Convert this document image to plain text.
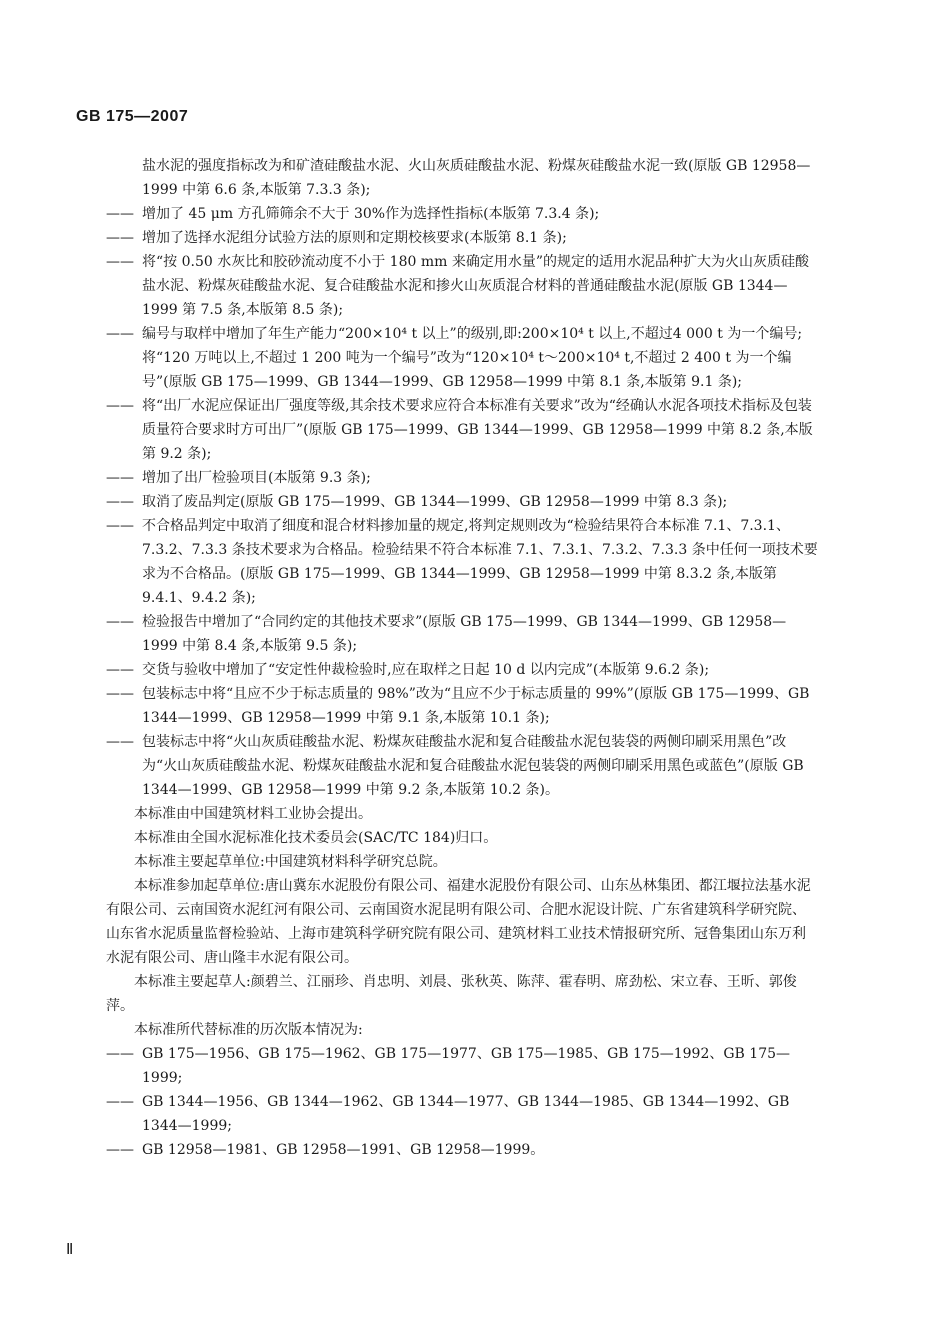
GB 175—2007

盐水泥的强度指标改为和矿渣硅酸盐水泥、火山灰质硅酸盐水泥、粉煤灰硅酸盐水泥一致(原版 GB 12958—1999 中第 6.6 条,本版第 7.3.3 条);

—— 增加了 45 μm 方孔筛筛余不大于 30%作为选择性指标(本版第 7.3.4 条);
—— 增加了选择水泥组分试验方法的原则和定期校核要求(本版第 8.1 条);
—— 将“按 0.50 水灰比和胶砂流动度不小于 180 mm 来确定用水量”的规定的适用水泥品种扩大为火山灰质硅酸盐水泥、粉煤灰硅酸盐水泥、复合硅酸盐水泥和掺火山灰质混合材料的普通硅酸盐水泥(原版 GB 1344—1999 第 7.5 条,本版第 8.5 条);
—— 编号与取样中增加了年生产能力“200×10⁴ t 以上”的级别,即:200×10⁴ t 以上,不超过4 000 t 为一个编号;将“120 万吨以上,不超过 1 200 吨为一个编号”改为“120×10⁴ t～200×10⁴ t,不超过 2 400 t 为一个编号”(原版 GB 175—1999、GB 1344—1999、GB 12958—1999 中第 8.1 条,本版第 9.1 条);
—— 将“出厂水泥应保证出厂强度等级,其余技术要求应符合本标准有关要求”改为“经确认水泥各项技术指标及包装质量符合要求时方可出厂”(原版 GB 175—1999、GB 1344—1999、GB 12958—1999 中第 8.2 条,本版第 9.2 条);
—— 增加了出厂检验项目(本版第 9.3 条);
—— 取消了废品判定(原版 GB 175—1999、GB 1344—1999、GB 12958—1999 中第 8.3 条);
—— 不合格品判定中取消了细度和混合材料掺加量的规定,将判定规则改为“检验结果符合本标准 7.1、7.3.1、7.3.2、7.3.3 条技术要求为合格品。检验结果不符合本标准 7.1、7.3.1、7.3.2、7.3.3 条中任何一项技术要求为不合格品。(原版 GB 175—1999、GB 1344—1999、GB 12958—1999 中第 8.3.2 条,本版第 9.4.1、9.4.2 条);
—— 检验报告中增加了“合同约定的其他技术要求”(原版 GB 175—1999、GB 1344—1999、GB 12958—1999 中第 8.4 条,本版第 9.5 条);
—— 交货与验收中增加了“安定性仲裁检验时,应在取样之日起 10 d 以内完成”(本版第 9.6.2 条);
—— 包装标志中将“且应不少于标志质量的 98%”改为“且应不少于标志质量的 99%”(原版 GB 175—1999、GB 1344—1999、GB 12958—1999 中第 9.1 条,本版第 10.1 条);
—— 包装标志中将“火山灰质硅酸盐水泥、粉煤灰硅酸盐水泥和复合硅酸盐水泥包装袋的两侧印刷采用黑色”改为“火山灰质硅酸盐水泥、粉煤灰硅酸盐水泥和复合硅酸盐水泥包装袋的两侧印刷采用黑色或蓝色”(原版 GB 1344—1999、GB 12958—1999 中第 9.2 条,本版第 10.2 条)。

本标准由中国建筑材料工业协会提出。

本标准由全国水泥标准化技术委员会(SAC/TC 184)归口。

本标准主要起草单位:中国建筑材料科学研究总院。

本标准参加起草单位:唐山冀东水泥股份有限公司、福建水泥股份有限公司、山东丛林集团、都江堰拉法基水泥有限公司、云南国资水泥红河有限公司、云南国资水泥昆明有限公司、合肥水泥设计院、广东省建筑科学研究院、山东省水泥质量监督检验站、上海市建筑科学研究院有限公司、建筑材料工业技术情报研究所、冠鲁集团山东万利水泥有限公司、唐山隆丰水泥有限公司。

本标准主要起草人:颜碧兰、江丽珍、肖忠明、刘晨、张秋英、陈萍、霍春明、席劲松、宋立春、王昕、郭俊萍。

本标准所代替标准的历次版本情况为:

—— GB 175—1956、GB 175—1962、GB 175—1977、GB 175—1985、GB 175—1992、GB 175—1999;
—— GB 1344—1956、GB 1344—1962、GB 1344—1977、GB 1344—1985、GB 1344—1992、GB 1344—1999;
—— GB 12958—1981、GB 12958—1991、GB 12958—1999。
Ⅱ
